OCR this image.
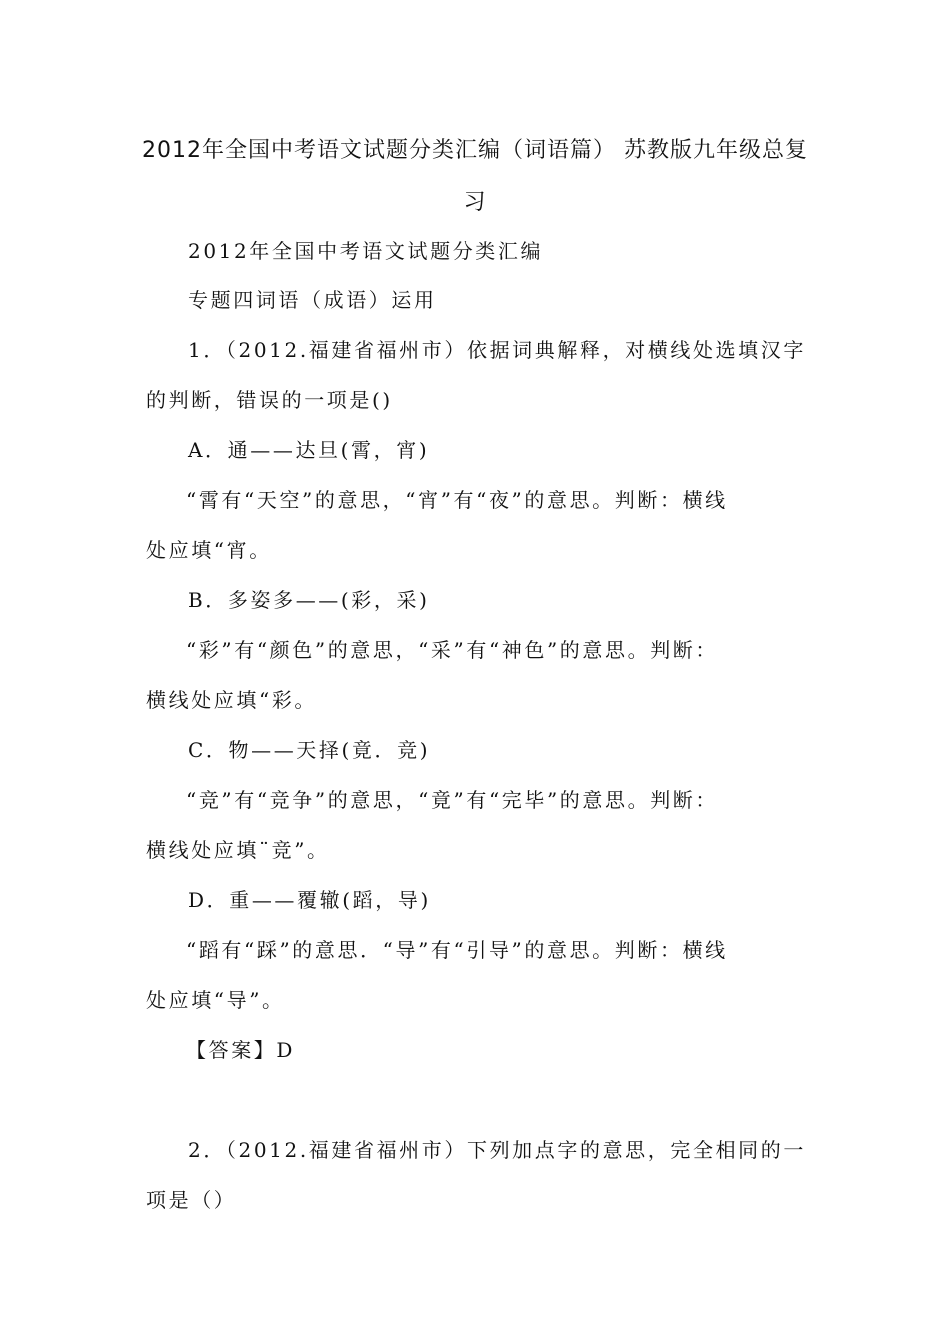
2012年全国中考语文试题分类汇编（词语篇） 苏教版九年级总复
习
2012年全国中考语文试题分类汇编
专题四词语（成语）运用
1．（2012.福建省福州市）依据词典解释，对横线处选填汉字
的判断，错误的一项是()
A．通——达旦(霄，宵)
“霄有“天空”的意思，“宵”有“夜”的意思。判断：横线
处应填“宵。
B．多姿多——(彩，采)
“彩”有“颜色”的意思，“采”有“神色”的意思。判断：
横线处应填“彩。
C．物——天择(竟．竞)
“竞”有“竞争”的意思，“竟”有“完毕”的意思。判断：
横线处应填¨竞”。
D．重——覆辙(蹈，导)
“蹈有“踩”的意思．“导”有“引导”的意思。判断：横线
处应填“导”。
【答案】D
2．（2012.福建省福州市）下列加点字的意思，完全相同的一
项是（）
